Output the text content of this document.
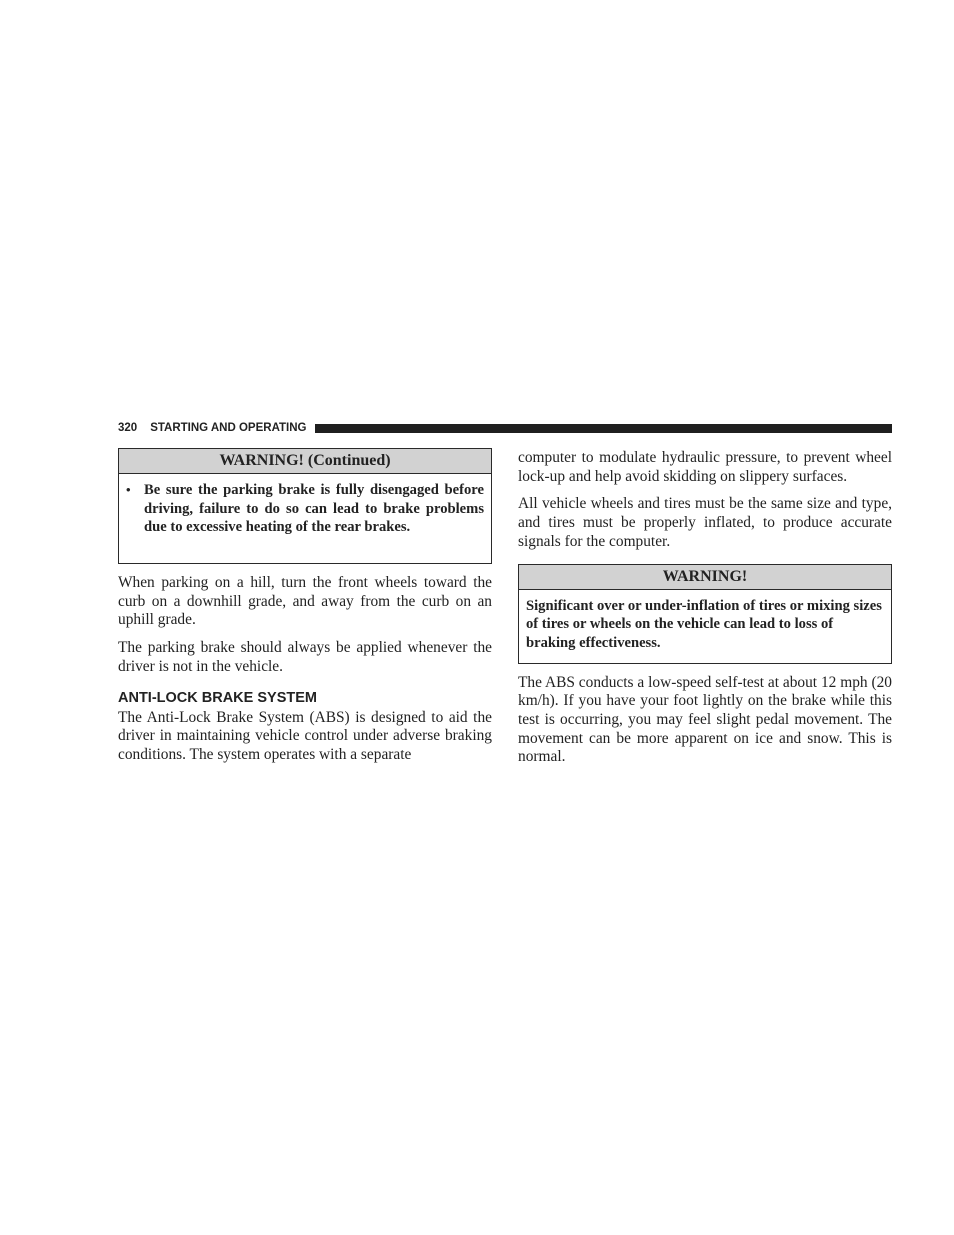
320 STARTING AND OPERATING
WARNING! (Continued)
• Be sure the parking brake is fully disengaged before driving, failure to do so can lead to brake problems due to excessive heating of the rear brakes.

When parking on a hill, turn the front wheels toward the curb on a downhill grade, and away from the curb on an uphill grade.

The parking brake should always be applied whenever the driver is not in the vehicle.

ANTI-LOCK BRAKE SYSTEM

The Anti-Lock Brake System (ABS) is designed to aid the driver in maintaining vehicle control under adverse braking conditions. The system operates with a separate

computer to modulate hydraulic pressure, to prevent wheel lock-up and help avoid skidding on slippery surfaces.

All vehicle wheels and tires must be the same size and type, and tires must be properly inflated, to produce accurate signals for the computer.

WARNING!
Significant over or under-inflation of tires or mixing sizes of tires or wheels on the vehicle can lead to loss of braking effectiveness.

The ABS conducts a low-speed self-test at about 12 mph (20 km/h). If you have your foot lightly on the brake while this test is occurring, you may feel slight pedal movement. The movement can be more apparent on ice and snow. This is normal.
